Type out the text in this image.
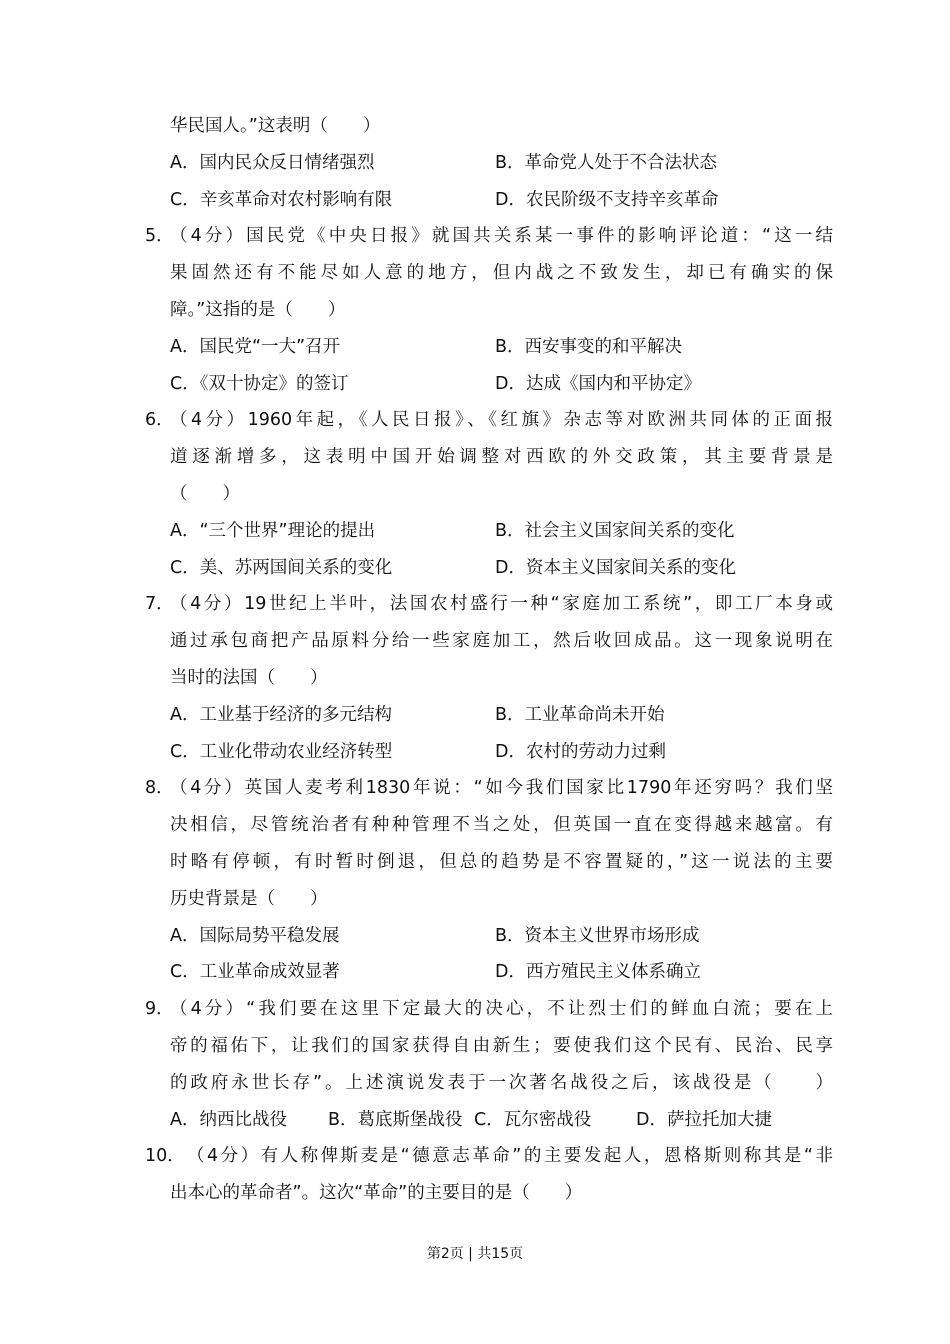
华民国人。”这表明（　　）
A．国内民众反日情绪强烈	B．革命党人处于不合法状态
C．辛亥革命对农村影响有限	D．农民阶级不支持辛亥革命
5．
（4分）国民党《中央日报》就国共关系某一事件的影响评论道：“这一结
果固然还有不能尽如人意的地方，但内战之不致发生，却已有确实的保
障。”这指的是（　　）
A．国民党“一大”召开	B．西安事变的和平解决
C．《双十协定》的签订	D．达成《国内和平协定》
6．
（4分）1960年起，《人民日报》、《红旗》杂志等对欧洲共同体的正面报
道逐渐增多，这表明中国开始调整对西欧的外交政策，其主要背景是
（　　）
A．“三个世界”理论的提出	B．社会主义国家间关系的变化
C．美、苏两国间关系的变化	D．资本主义国家间关系的变化
7．
（4分）19世纪上半叶，法国农村盛行一种“家庭加工系统”，即工厂本身或
通过承包商把产品原料分给一些家庭加工，然后收回成品。这一现象说明在
当时的法国（　　）
A．工业基于经济的多元结构	B．工业革命尚未开始
C．工业化带动农业经济转型	D．农村的劳动力过剩
8．
（4分）英国人麦考利1830年说：“如今我们国家比1790年还穷吗？我们坚
决相信，尽管统治者有种种管理不当之处，但英国一直在变得越来越富。有
时略有停顿，有时暂时倒退，但总的趋势是不容置疑的，”这一说法的主要
历史背景是（　　）
A．国际局势平稳发展	B．资本主义世界市场形成
C．工业革命成效显著	D．西方殖民主义体系确立
9．
（4分）“我们要在这里下定最大的决心，不让烈士们的鲜血白流；要在上
帝的福佑下，让我们的国家获得自由新生；要使我们这个民有、民治、民享
的政府永世长存”。上述演说发表于一次著名战役之后，该战役是（　　）
A．纳西比战役 B．葛底斯堡战役 C．瓦尔密战役	D．萨拉托加大捷
10． （4分）有人称俾斯麦是“德意志革命”的主要发起人，恩格斯则称其是“非
出本心的革命者”。这次“革命”的主要目的是（　　）
第2页 | 共15页
